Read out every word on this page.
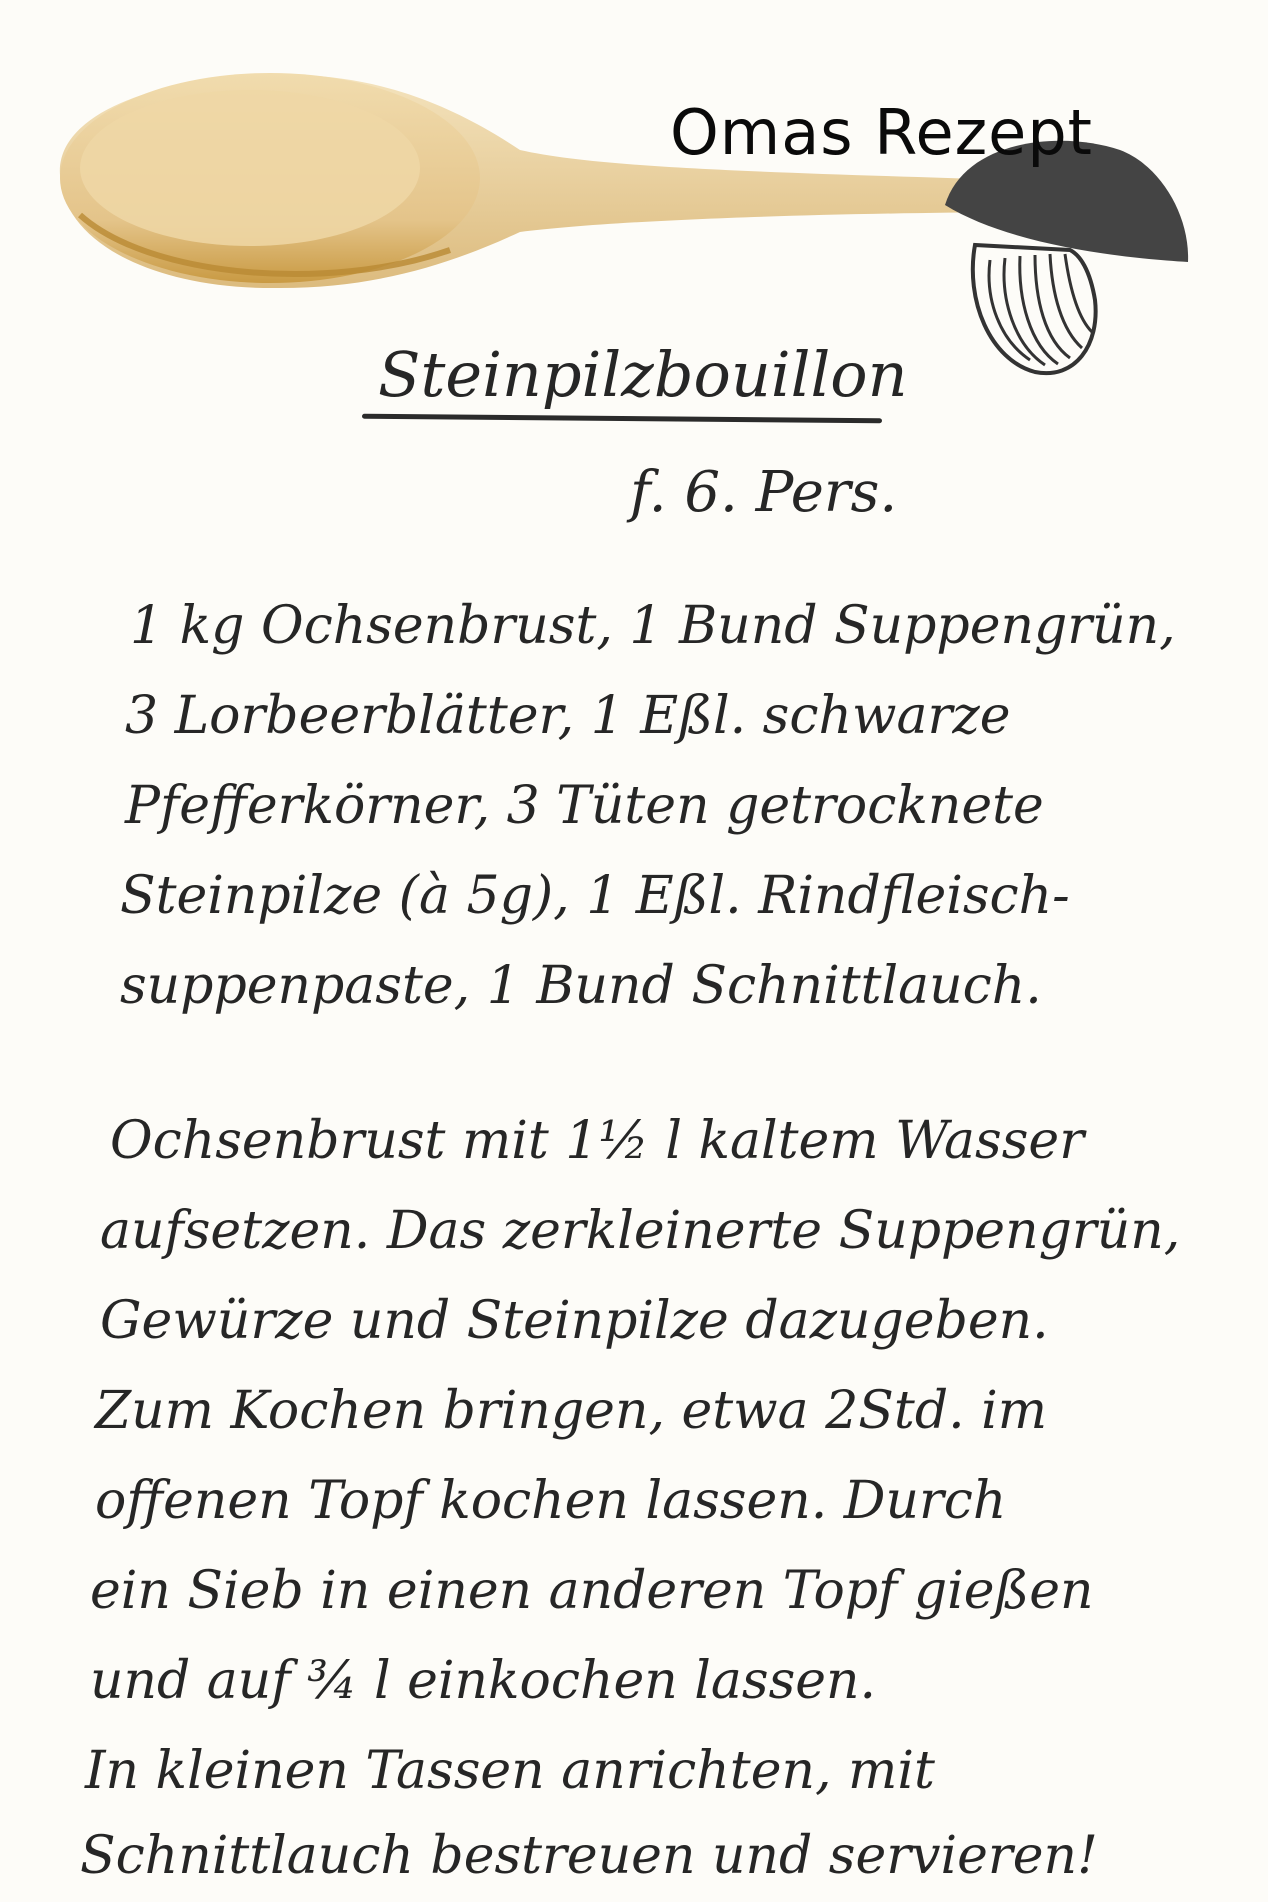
Omas Rezept
Steinpilzbouillon
f. 6. Pers.
1 kg Ochsenbrust, 1 Bund Suppengrün,
3 Lorbeerblätter, 1 Eßl. schwarze
Pfefferkörner, 3 Tüten getrocknete
Steinpilze (à 5g), 1 Eßl. Rindfleisch-
suppenpaste, 1 Bund Schnittlauch.
Ochsenbrust mit 1½ l kaltem Wasser
aufsetzen. Das zerkleinerte Suppengrün,
Gewürze und Steinpilze dazugeben.
Zum Kochen bringen, etwa 2Std. im
offenen Topf kochen lassen. Durch
ein Sieb in einen anderen Topf gießen
und auf ¾ l einkochen lassen.
In kleinen Tassen anrichten, mit
Schnittlauch bestreuen und servieren!
